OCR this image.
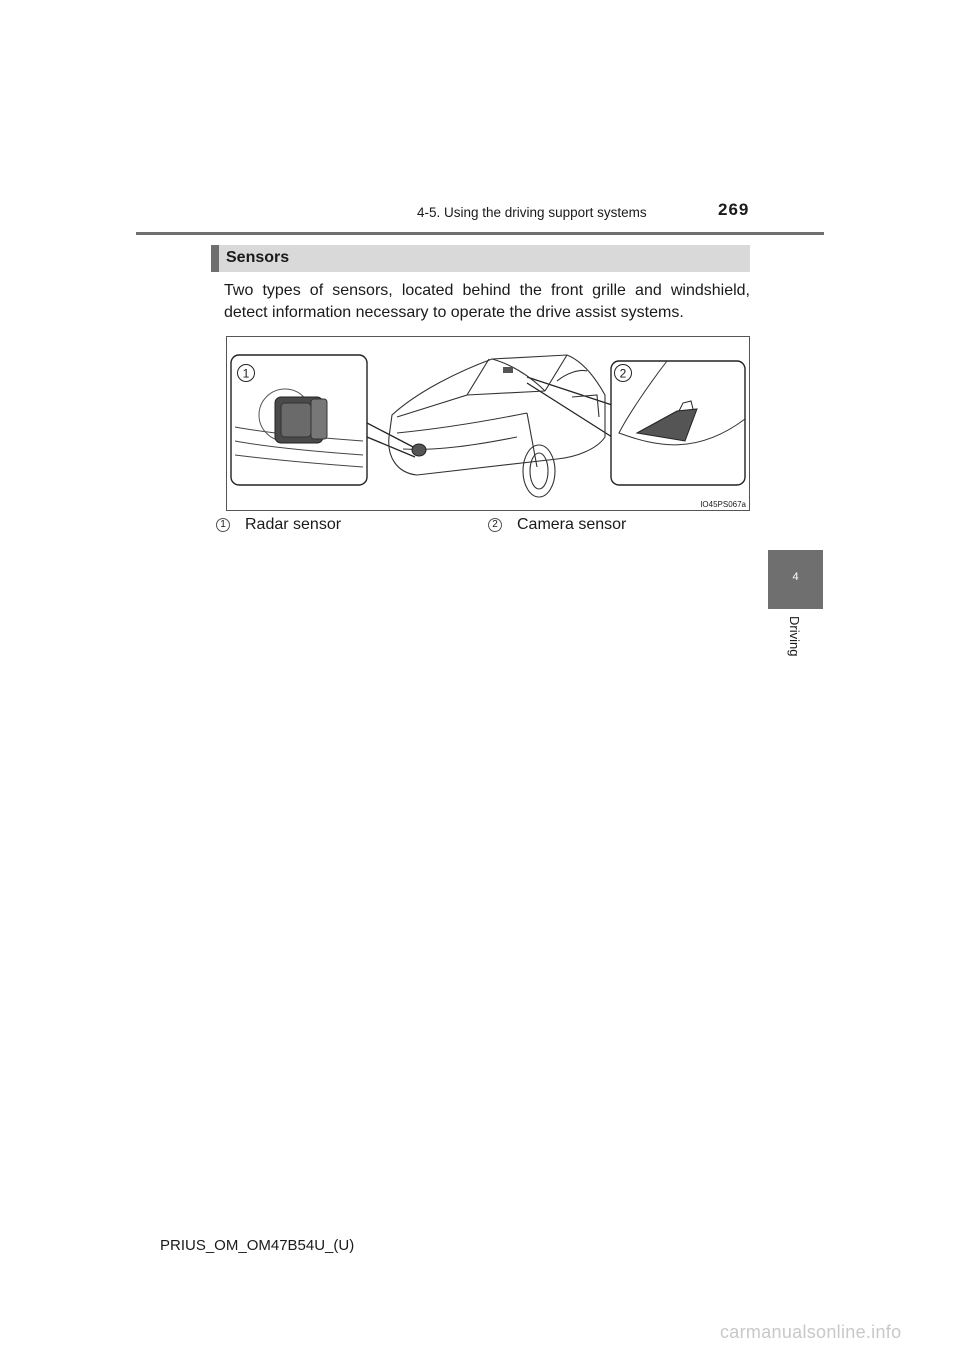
4-5. Using the driving support systems	269
4
Driving
Sensors

Two types of sensors, located behind the front grille and windshield, detect information necessary to operate the drive assist systems.

1	2
IO45PS067a
1 Radar sensor	2 Camera sensor
PRIUS_OM_OM47B54U_(U)
carmanualsonline.info
